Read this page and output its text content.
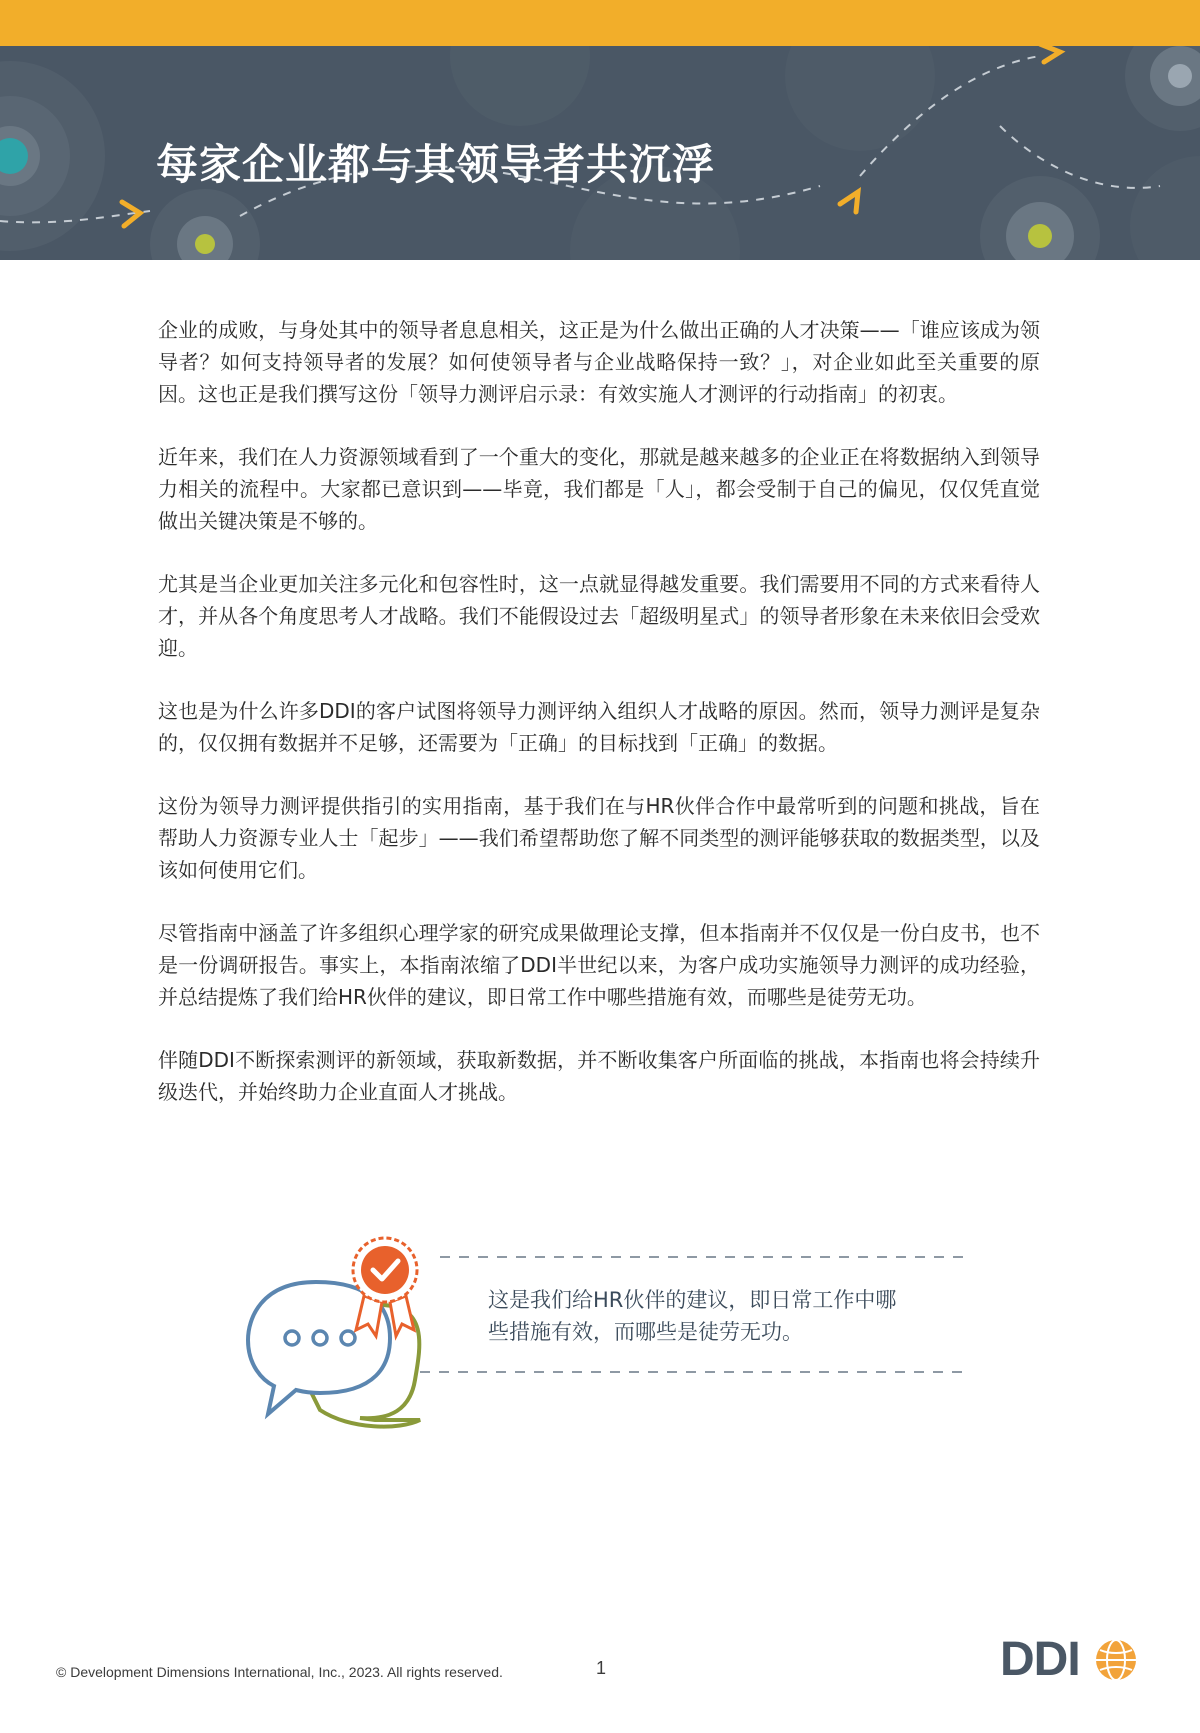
每家企业都与其领导者共沉浮

企业的成败，与身处其中的领导者息息相关，这正是为什么做出正确的人才决策——「谁应该成为领导者？如何支持领导者的发展？如何使领导者与企业战略保持一致？」，对企业如此至关重要的原因。这也正是我们撰写这份「领导力测评启示录：有效实施人才测评的行动指南」的初衷。

近年来，我们在人力资源领域看到了一个重大的变化，那就是越来越多的企业正在将数据纳入到领导力相关的流程中。大家都已意识到——毕竟，我们都是「人」，都会受制于自己的偏见，仅仅凭直觉做出关键决策是不够的。

尤其是当企业更加关注多元化和包容性时，这一点就显得越发重要。我们需要用不同的方式来看待人才，并从各个角度思考人才战略。我们不能假设过去「超级明星式」的领导者形象在未来依旧会受欢迎。

这也是为什么许多DDI的客户试图将领导力测评纳入组织人才战略的原因。然而，领导力测评是复杂的，仅仅拥有数据并不足够，还需要为「正确」的目标找到「正确」的数据。

这份为领导力测评提供指引的实用指南，基于我们在与HR伙伴合作中最常听到的问题和挑战，旨在帮助人力资源专业人士「起步」——我们希望帮助您了解不同类型的测评能够获取的数据类型，以及该如何使用它们。

尽管指南中涵盖了许多组织心理学家的研究成果做理论支撑，但本指南并不仅仅是一份白皮书，也不是一份调研报告。事实上，本指南浓缩了DDI半世纪以来，为客户成功实施领导力测评的成功经验，并总结提炼了我们给HR伙伴的建议，即日常工作中哪些措施有效，而哪些是徒劳无功。

伴随DDI不断探索测评的新领域，获取新数据，并不断收集客户所面临的挑战，本指南也将会持续升级迭代，并始终助力企业直面人才挑战。

这是我们给HR伙伴的建议，即日常工作中哪些措施有效，而哪些是徒劳无功。
© Development Dimensions International, Inc., 2023. All rights reserved.	1	DDI
